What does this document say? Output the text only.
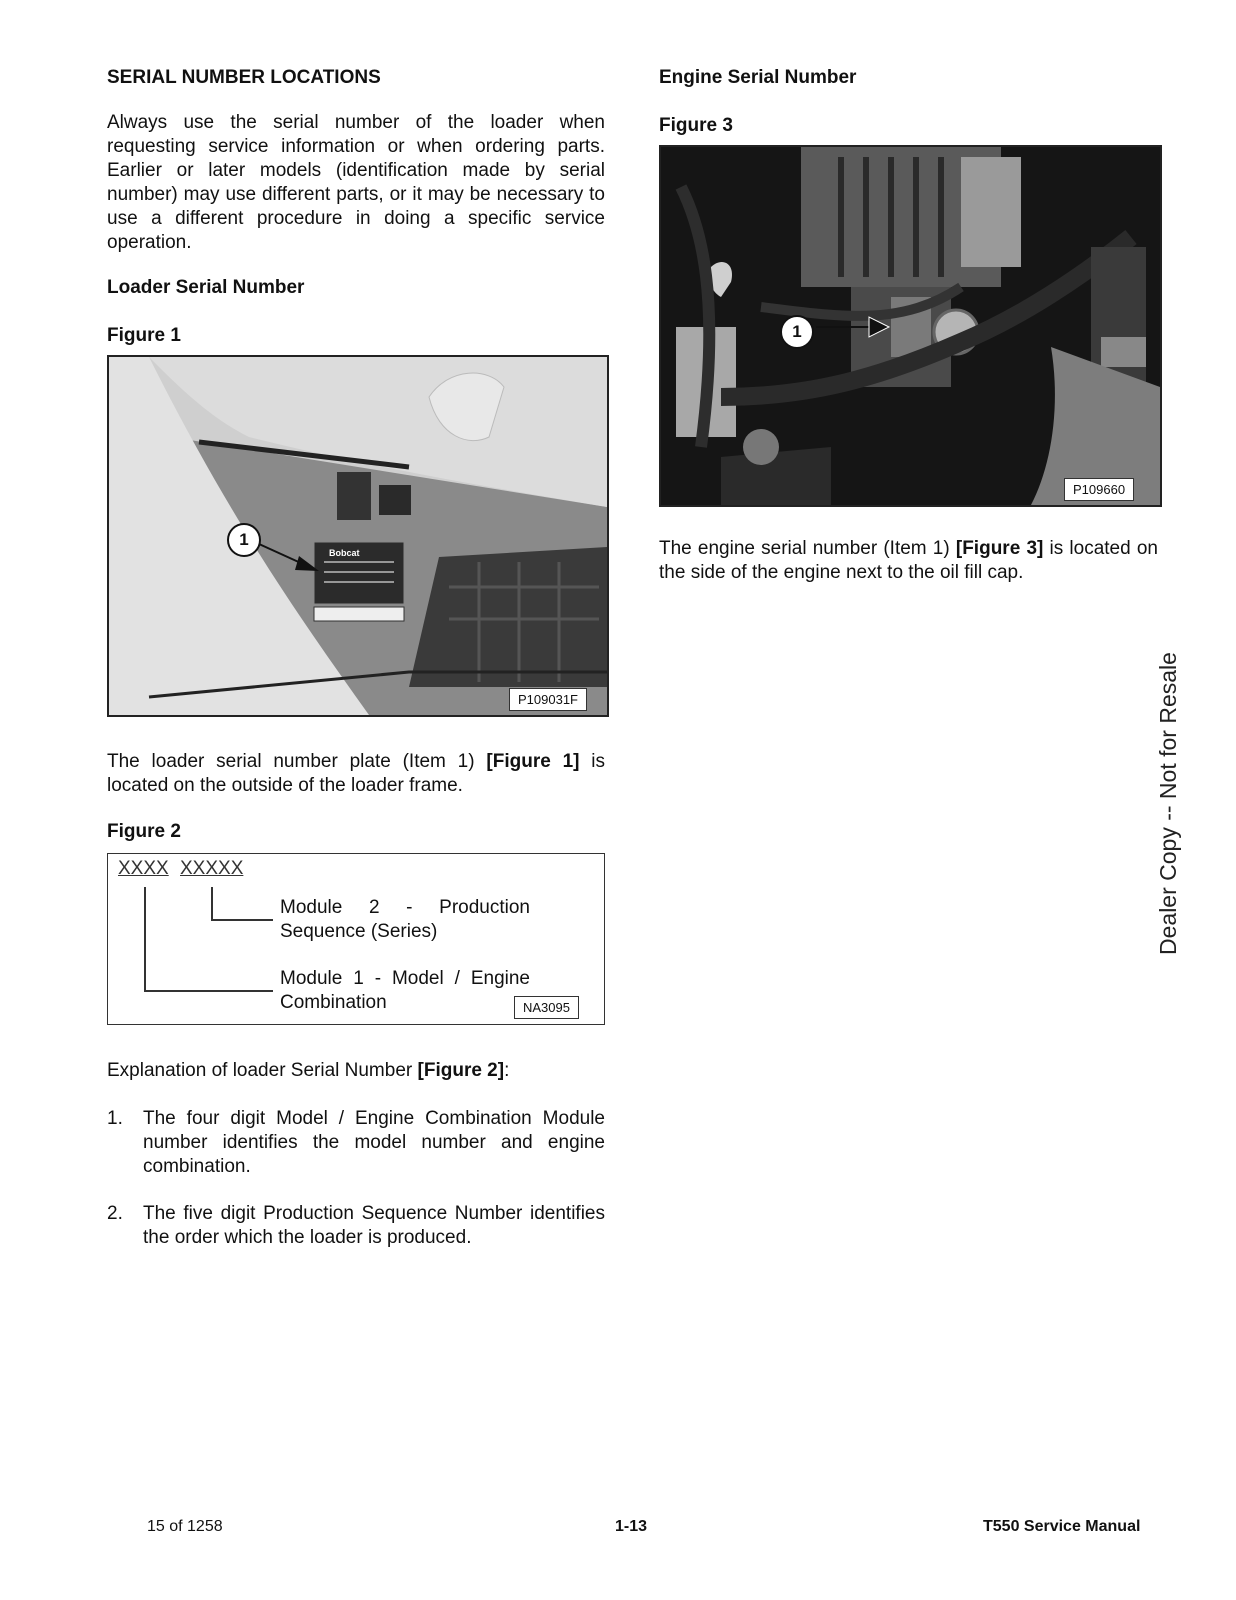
SERIAL NUMBER LOCATIONS
Always use the serial number of the loader when requesting service information or when ordering parts. Earlier or later models (identification made by serial number) may use different parts, or it may be necessary to use a different procedure in doing a specific service operation.
Loader Serial Number
Figure 1
Bobcat
1
P109031F
The loader serial number plate (Item 1) [Figure 1] is located on the outside of the loader frame.
Figure 2
XXXX XXXXX
Module 2 - Production Sequence (Series)
Module 1 - Model / Engine Combination	NA3095
Explanation of loader Serial Number [Figure 2]:
1. The four digit Model / Engine Combination Module number identifies the model number and engine combination.
2. The five digit Production Sequence Number identifies the order which the loader is produced.
Engine Serial Number
Figure 3
1
P109660
The engine serial number (Item 1) [Figure 3] is located on the side of the engine next to the oil fill cap.
Dealer Copy -- Not for Resale
15 of 1258	1-13	T550 Service Manual
